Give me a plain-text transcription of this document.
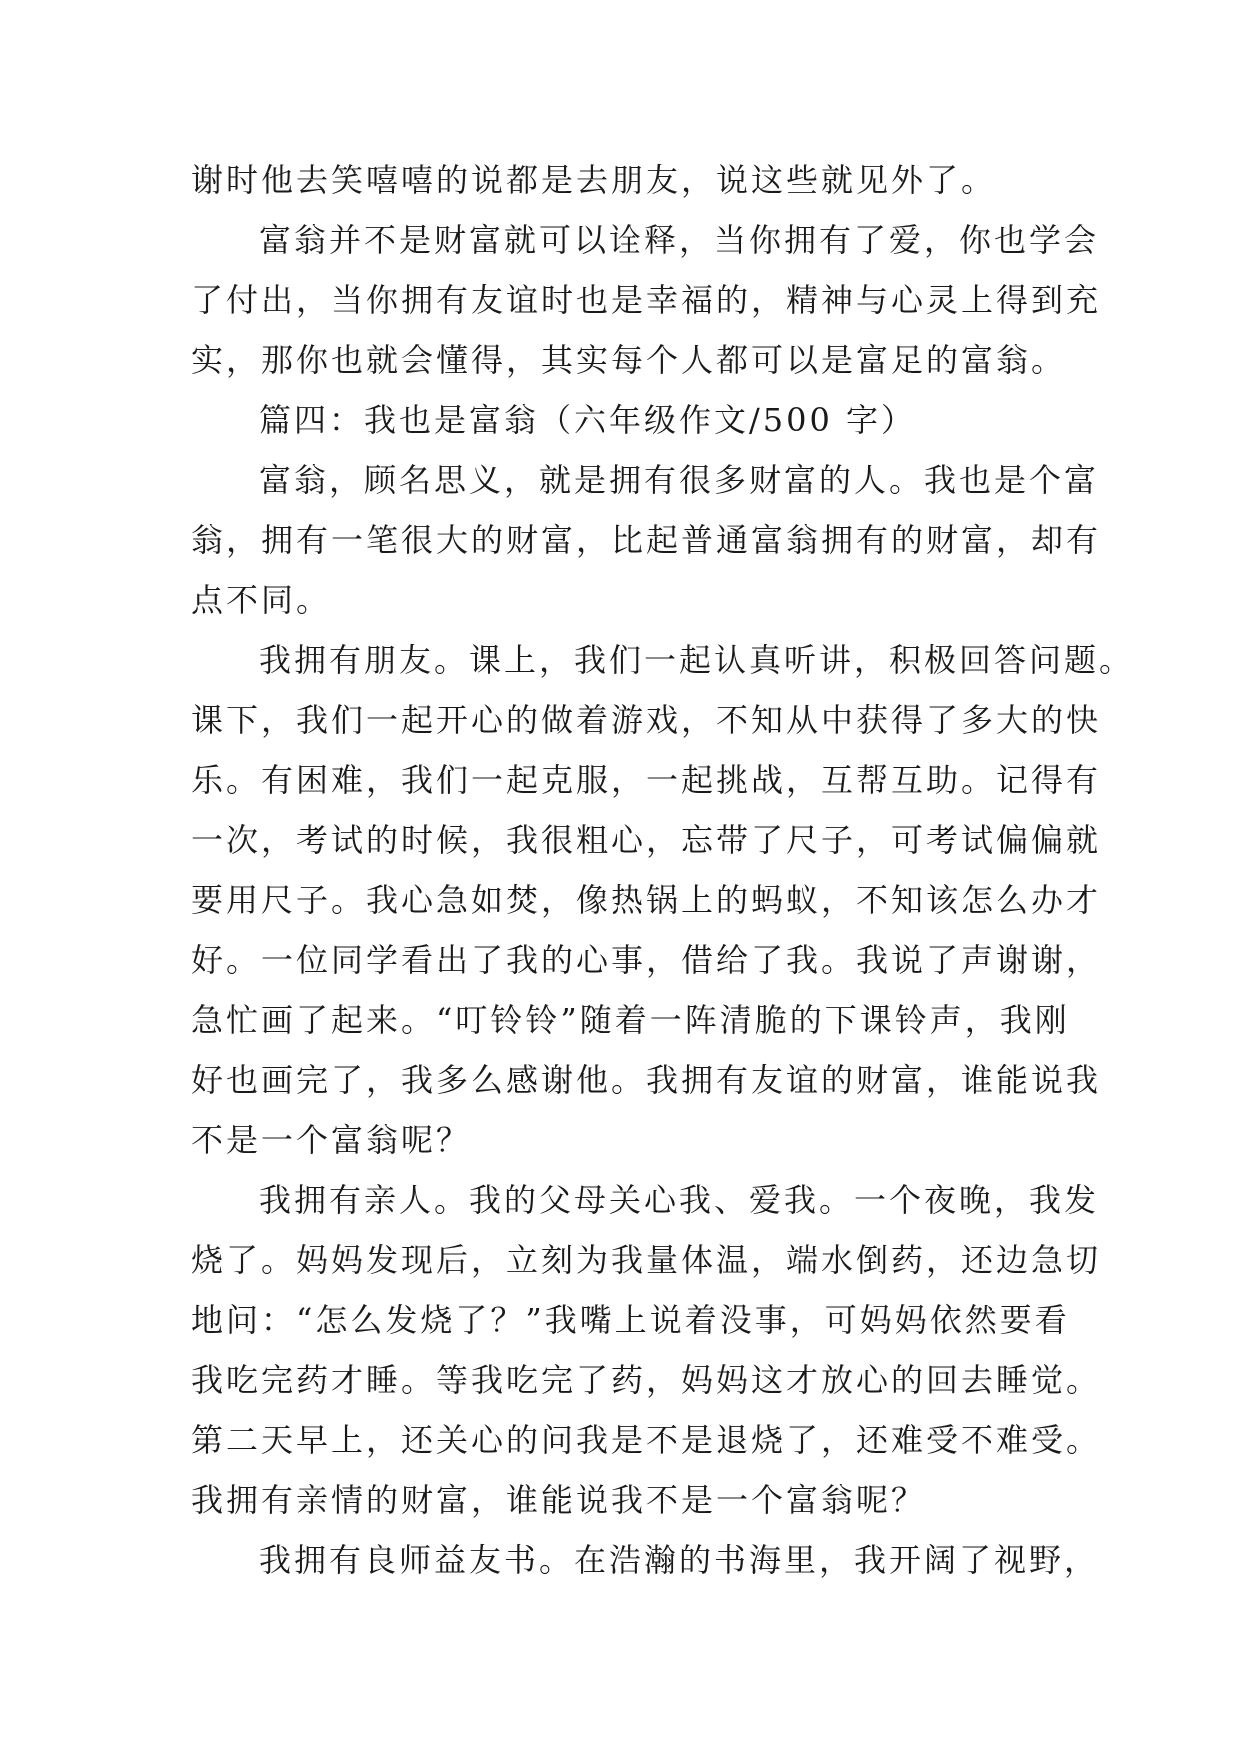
谢时他去笑嘻嘻的说都是去朋友，说这些就见外了。
富翁并不是财富就可以诠释，当你拥有了爱，你也学会
了付出，当你拥有友谊时也是幸福的，精神与心灵上得到充
实，那你也就会懂得，其实每个人都可以是富足的富翁。
篇四：我也是富翁（六年级作文/500 字）
富翁，顾名思义，就是拥有很多财富的人。我也是个富
翁，拥有一笔很大的财富，比起普通富翁拥有的财富，却有
点不同。
我拥有朋友。课上，我们一起认真听讲，积极回答问题。
课下，我们一起开心的做着游戏，不知从中获得了多大的快
乐。有困难，我们一起克服，一起挑战，互帮互助。记得有
一次，考试的时候，我很粗心，忘带了尺子，可考试偏偏就
要用尺子。我心急如焚，像热锅上的蚂蚁，不知该怎么办才
好。一位同学看出了我的心事，借给了我。我说了声谢谢，
急忙画了起来。“叮铃铃”随着一阵清脆的下课铃声，我刚
好也画完了，我多么感谢他。我拥有友谊的财富，谁能说我
不是一个富翁呢？
我拥有亲人。我的父母关心我、爱我。一个夜晚，我发
烧了。妈妈发现后，立刻为我量体温，端水倒药，还边急切
地问：“怎么发烧了？”我嘴上说着没事，可妈妈依然要看
我吃完药才睡。等我吃完了药，妈妈这才放心的回去睡觉。
第二天早上，还关心的问我是不是退烧了，还难受不难受。
我拥有亲情的财富，谁能说我不是一个富翁呢？
我拥有良师益友书。在浩瀚的书海里，我开阔了视野，
